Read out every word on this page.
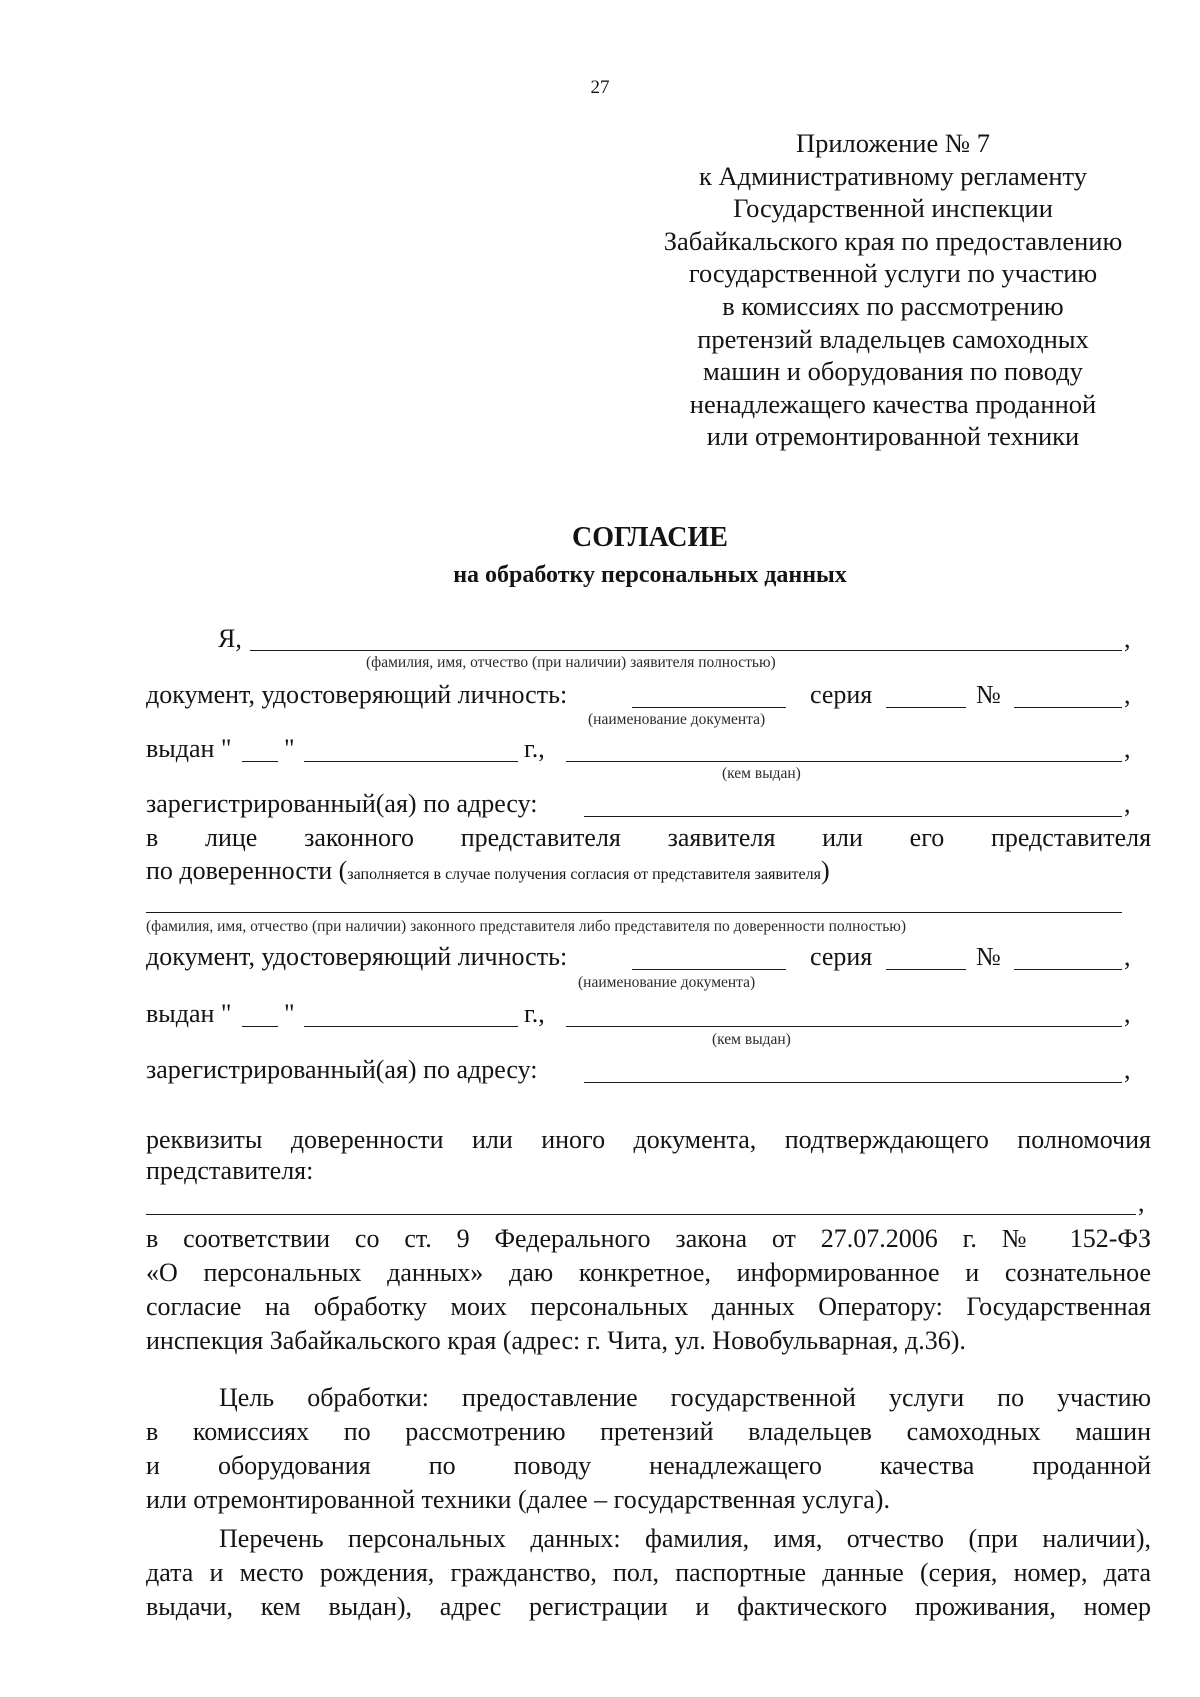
27
Приложение № 7
к Административному регламенту
Государственной инспекции
Забайкальского края по предоставлению
государственной услуги по участию
в комиссиях по рассмотрению
претензий владельцев самоходных
машин и оборудования по поводу
ненадлежащего качества проданной
или отремонтированной техники
СОГЛАСИЕ
на обработку персональных данных
Я,	,
(фамилия, имя, отчество (при наличии) заявителя полностью)
документ, удостоверяющий личность:	серия	№	,
(наименование документа)
выдан " "	г.,	,
(кем выдан)
зарегистрированный(ая) по адресу:	,
в лице законного представителя заявителя или его представителя
по доверенности (заполняется в случае получения согласия от представителя заявителя)
(фамилия, имя, отчество (при наличии) законного представителя либо представителя по доверенности полностью)
документ, удостоверяющий личность:	серия	№	,
(наименование документа)
выдан " "	г.,	,
(кем выдан)
зарегистрированный(ая) по адресу:	,
реквизиты доверенности или иного документа, подтверждающего полномочия
представителя:
,
в соответствии со ст. 9 Федерального закона от 27.07.2006 г. № 152-ФЗ
«О персональных данных» даю конкретное, информированное и сознательное
согласие на обработку моих персональных данных Оператору: Государственная
инспекция Забайкальского края (адрес: г. Чита, ул. Новобульварная, д.36).
Цель обработки: предоставление государственной услуги по участию
в комиссиях по рассмотрению претензий владельцев самоходных машин
и оборудования по поводу ненадлежащего качества проданной
или отремонтированной техники (далее – государственная услуга).
Перечень персональных данных: фамилия, имя, отчество (при наличии),
дата и место рождения, гражданство, пол, паспортные данные (серия, номер, дата
выдачи, кем выдан), адрес регистрации и фактического проживания, номер
